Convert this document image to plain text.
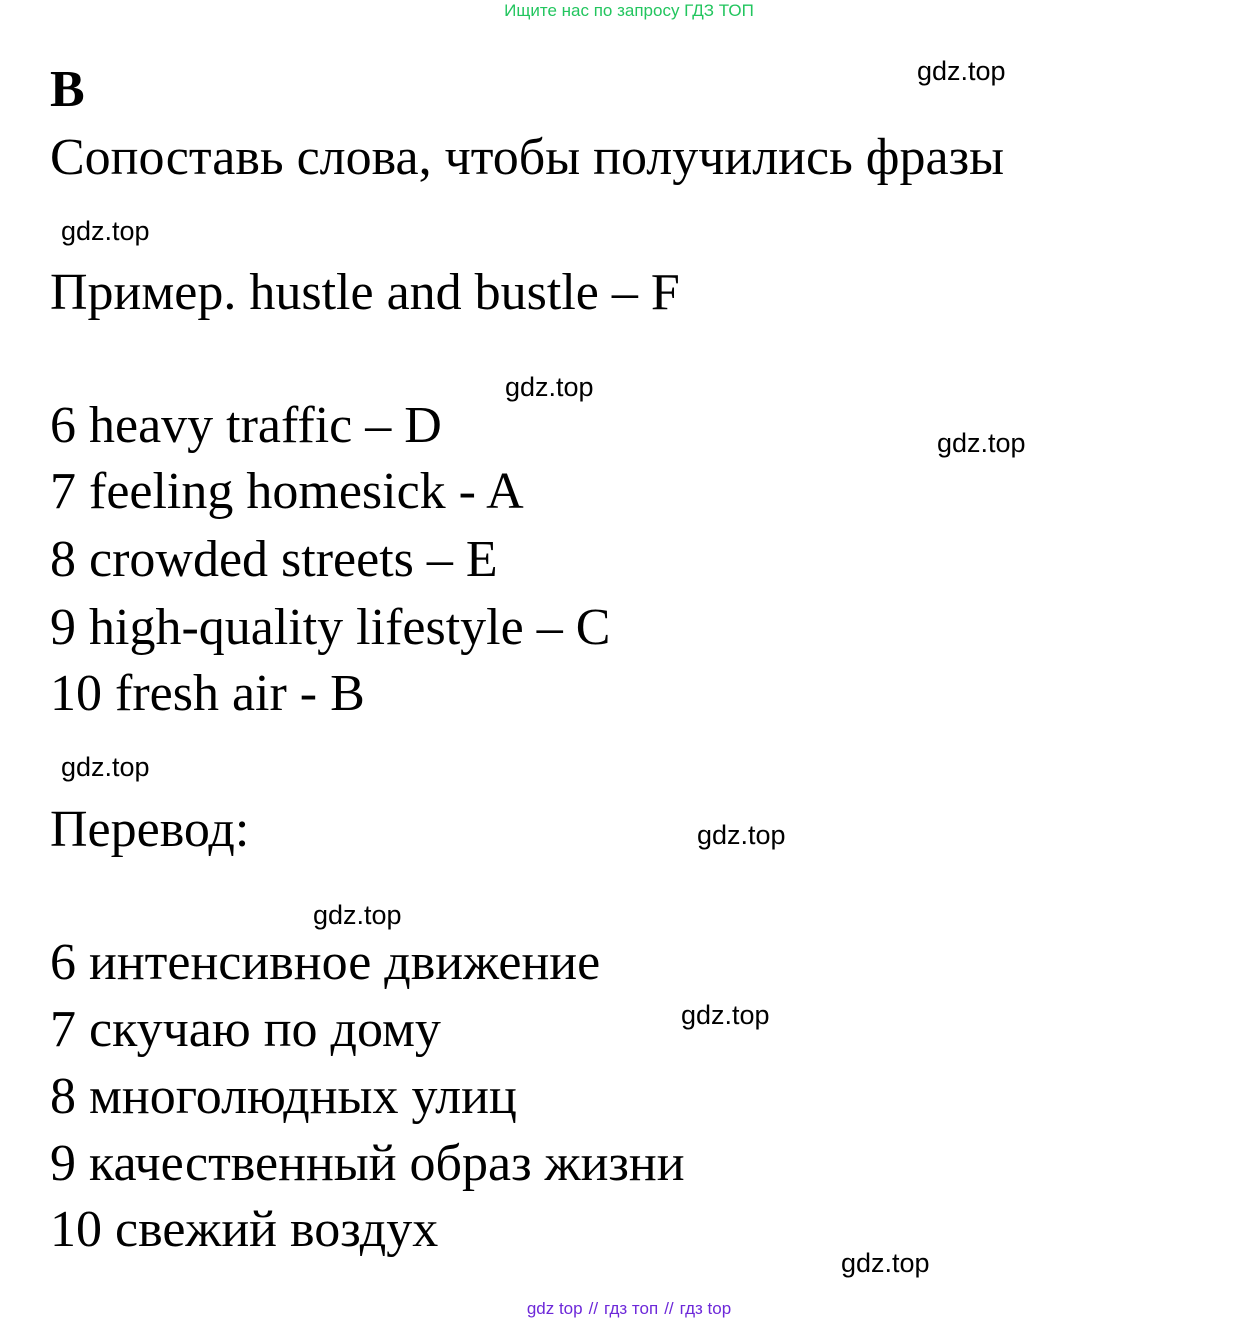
Ищите нас по запросу ГДЗ ТОП
B
Сопоставь слова, чтобы получились фразы
Пример. hustle and bustle – F
6 heavy traffic – D
7 feeling homesick - A
8 crowded streets – E
9 high-quality lifestyle – C
10 fresh air - B
Перевод:
6 интенсивное движение
7 скучаю по дому
8 многолюдных улиц
9 качественный образ жизни
10 свежий воздух
gdz.top
gdz.top
gdz.top
gdz.top
gdz.top
gdz.top
gdz.top
gdz.top
gdz.top
gdz top // гдз топ // гдз top
